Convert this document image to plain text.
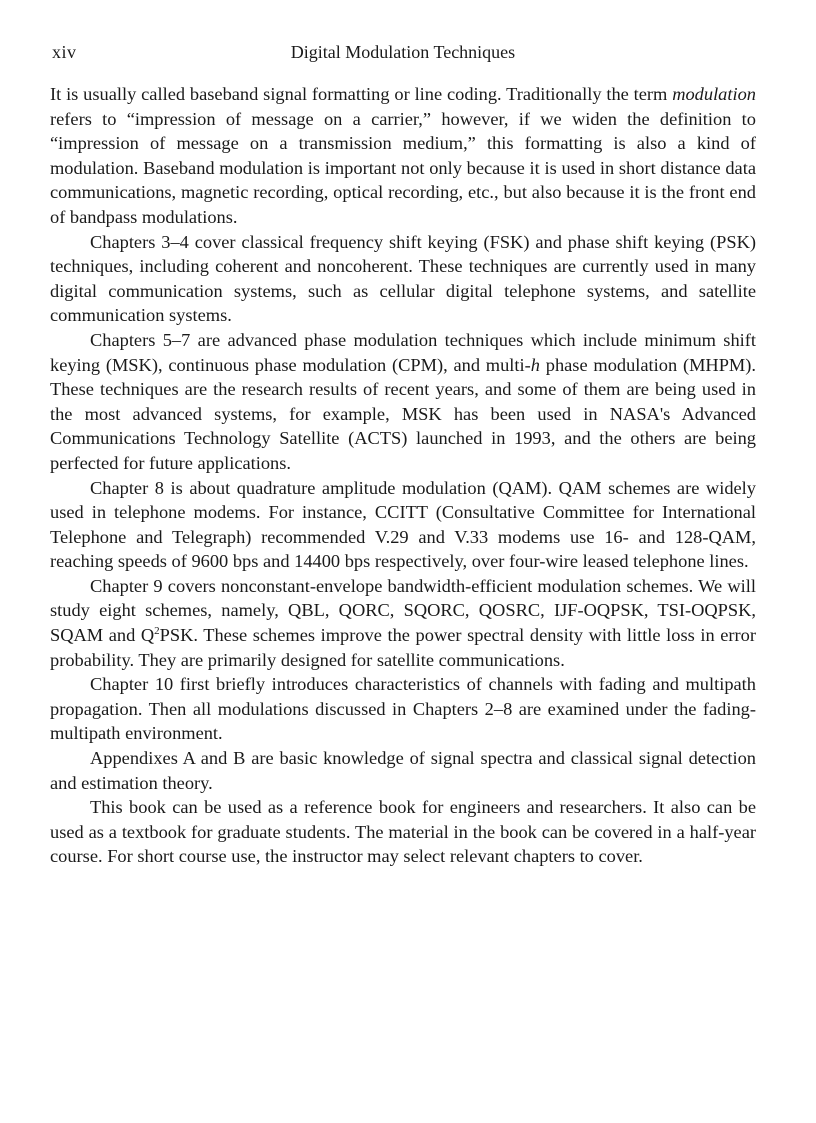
xiv	Digital Modulation Techniques

It is usually called baseband signal formatting or line coding. Traditionally the term modulation refers to “impression of message on a carrier,” however, if we widen the definition to “impression of message on a transmission medium,” this formatting is also a kind of modulation. Baseband modulation is important not only because it is used in short distance data communications, magnetic recording, optical recording, etc., but also because it is the front end of bandpass modulations.

Chapters 3–4 cover classical frequency shift keying (FSK) and phase shift keying (PSK) techniques, including coherent and noncoherent. These techniques are currently used in many digital communication systems, such as cellular digital telephone systems, and satellite communication systems.

Chapters 5–7 are advanced phase modulation techniques which include minimum shift keying (MSK), continuous phase modulation (CPM), and multi-h phase modulation (MHPM). These techniques are the research results of recent years, and some of them are being used in the most advanced systems, for example, MSK has been used in NASA's Advanced Communications Technology Satellite (ACTS) launched in 1993, and the others are being perfected for future applications.

Chapter 8 is about quadrature amplitude modulation (QAM). QAM schemes are widely used in telephone modems. For instance, CCITT (Consultative Committee for International Telephone and Telegraph) recommended V.29 and V.33 modems use 16- and 128-QAM, reaching speeds of 9600 bps and 14400 bps respectively, over four-wire leased telephone lines.

Chapter 9 covers nonconstant-envelope bandwidth-efficient modulation schemes. We will study eight schemes, namely, QBL, QORC, SQORC, QOSRC, IJF-OQPSK, TSI-OQPSK, SQAM and $Q^2PSK$. These schemes improve the power spectral density with little loss in error probability. They are primarily designed for satellite communications.

Chapter 10 first briefly introduces characteristics of channels with fading and multipath propagation. Then all modulations discussed in Chapters 2–8 are examined under the fading-multipath environment.

Appendixes A and B are basic knowledge of signal spectra and classical signal detection and estimation theory.

This book can be used as a reference book for engineers and researchers. It also can be used as a textbook for graduate students. The material in the book can be covered in a half-year course. For short course use, the instructor may select relevant chapters to cover.
